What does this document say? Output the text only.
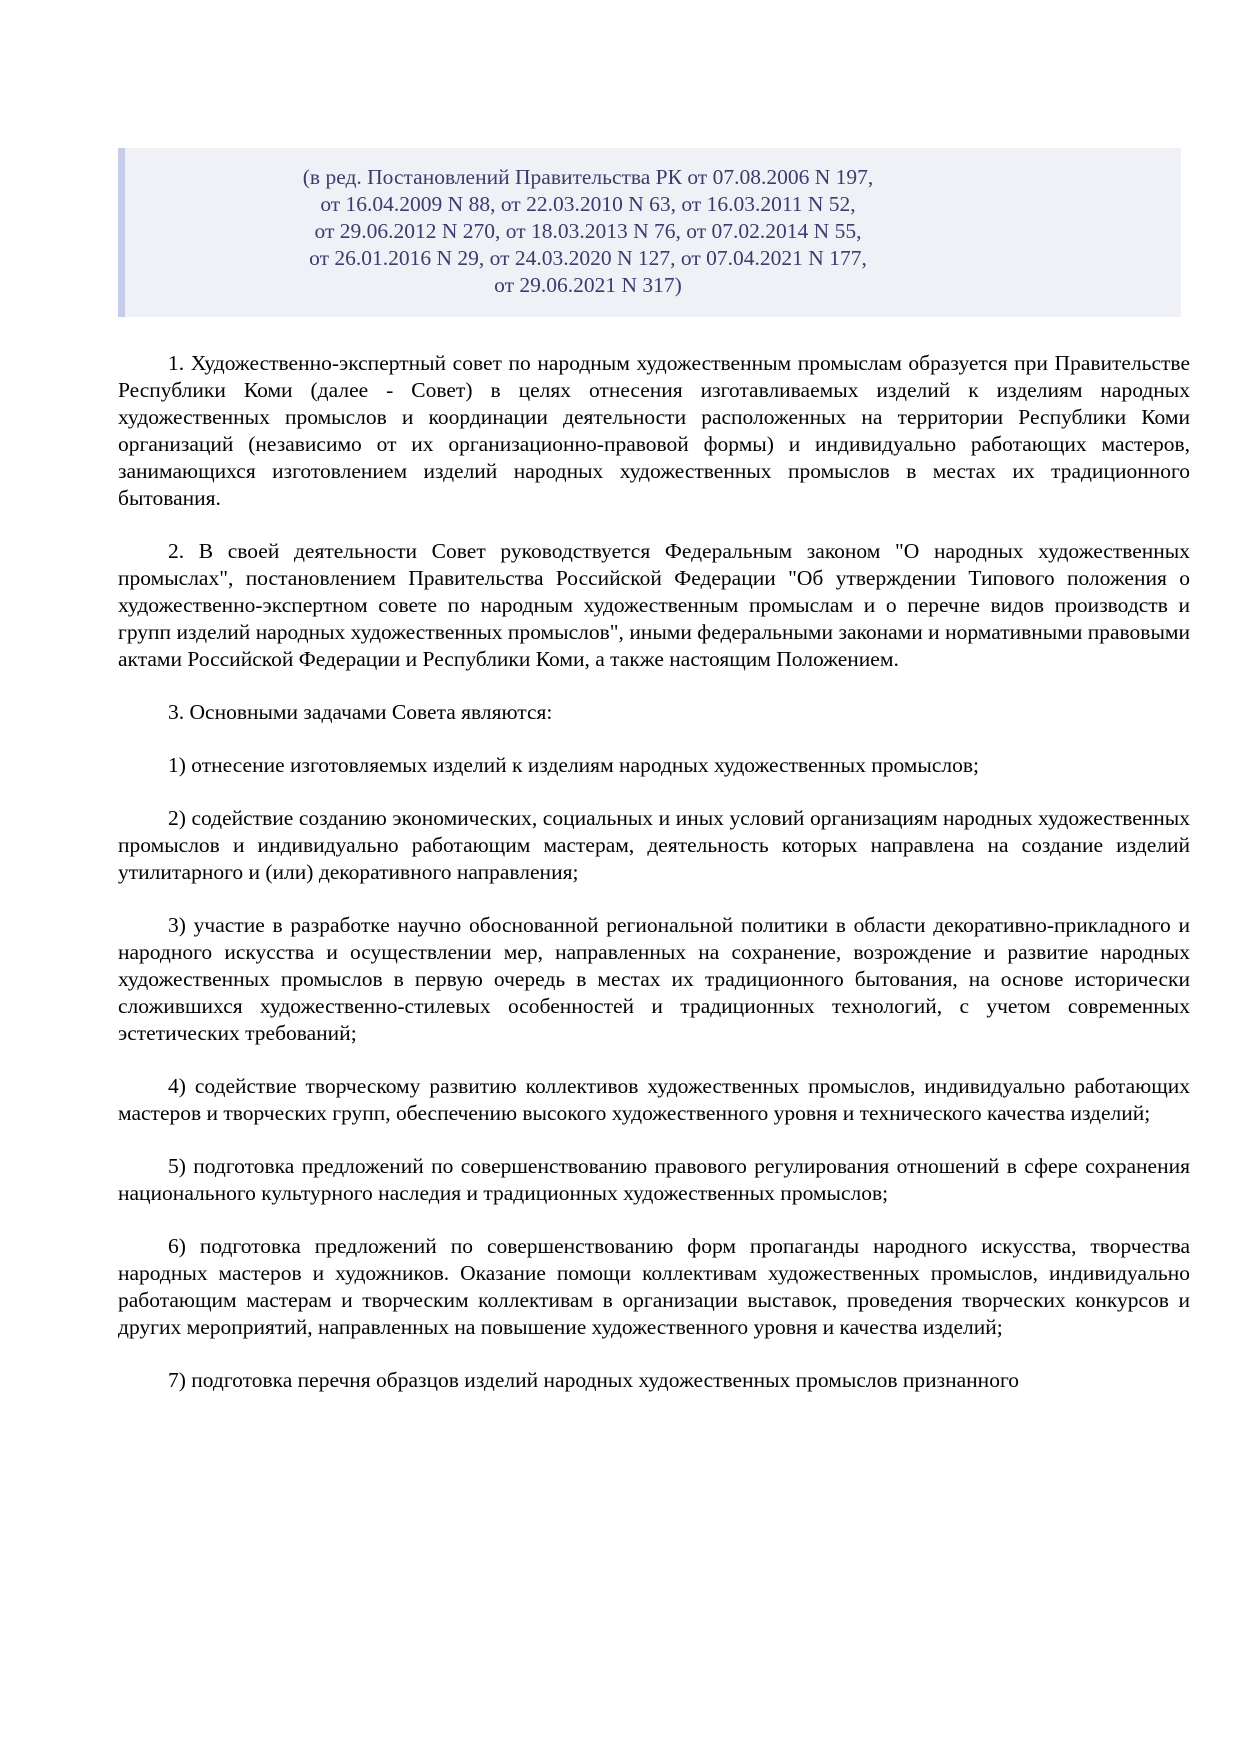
(в ред. Постановлений Правительства РК от 07.08.2006 N 197,
от 16.04.2009 N 88, от 22.03.2010 N 63, от 16.03.2011 N 52,
от 29.06.2012 N 270, от 18.03.2013 N 76, от 07.02.2014 N 55,
от 26.01.2016 N 29, от 24.03.2020 N 127, от 07.04.2021 N 177,
от 29.06.2021 N 317)

1. Художественно-экспертный совет по народным художественным промыслам образуется при Правительстве Республики Коми (далее - Совет) в целях отнесения изготавливаемых изделий к изделиям народных художественных промыслов и координации деятельности расположенных на территории Республики Коми организаций (независимо от их организационно-правовой формы) и индивидуально работающих мастеров, занимающихся изготовлением изделий народных художественных промыслов в местах их традиционного бытования.

2. В своей деятельности Совет руководствуется Федеральным законом "О народных художественных промыслах", постановлением Правительства Российской Федерации "Об утверждении Типового положения о художественно-экспертном совете по народным художественным промыслам и о перечне видов производств и групп изделий народных художественных промыслов", иными федеральными законами и нормативными правовыми актами Российской Федерации и Республики Коми, а также настоящим Положением.

3. Основными задачами Совета являются:

1) отнесение изготовляемых изделий к изделиям народных художественных промыслов;

2) содействие созданию экономических, социальных и иных условий организациям народных художественных промыслов и индивидуально работающим мастерам, деятельность которых направлена на создание изделий утилитарного и (или) декоративного направления;

3) участие в разработке научно обоснованной региональной политики в области декоративно-прикладного и народного искусства и осуществлении мер, направленных на сохранение, возрождение и развитие народных художественных промыслов в первую очередь в местах их традиционного бытования, на основе исторически сложившихся художественно-стилевых особенностей и традиционных технологий, с учетом современных эстетических требований;

4) содействие творческому развитию коллективов художественных промыслов, индивидуально работающих мастеров и творческих групп, обеспечению высокого художественного уровня и технического качества изделий;

5) подготовка предложений по совершенствованию правового регулирования отношений в сфере сохранения национального культурного наследия и традиционных художественных промыслов;

6) подготовка предложений по совершенствованию форм пропаганды народного искусства, творчества народных мастеров и художников. Оказание помощи коллективам художественных промыслов, индивидуально работающим мастерам и творческим коллективам в организации выставок, проведения творческих конкурсов и других мероприятий, направленных на повышение художественного уровня и качества изделий;

7) подготовка перечня образцов изделий народных художественных промыслов признанного
